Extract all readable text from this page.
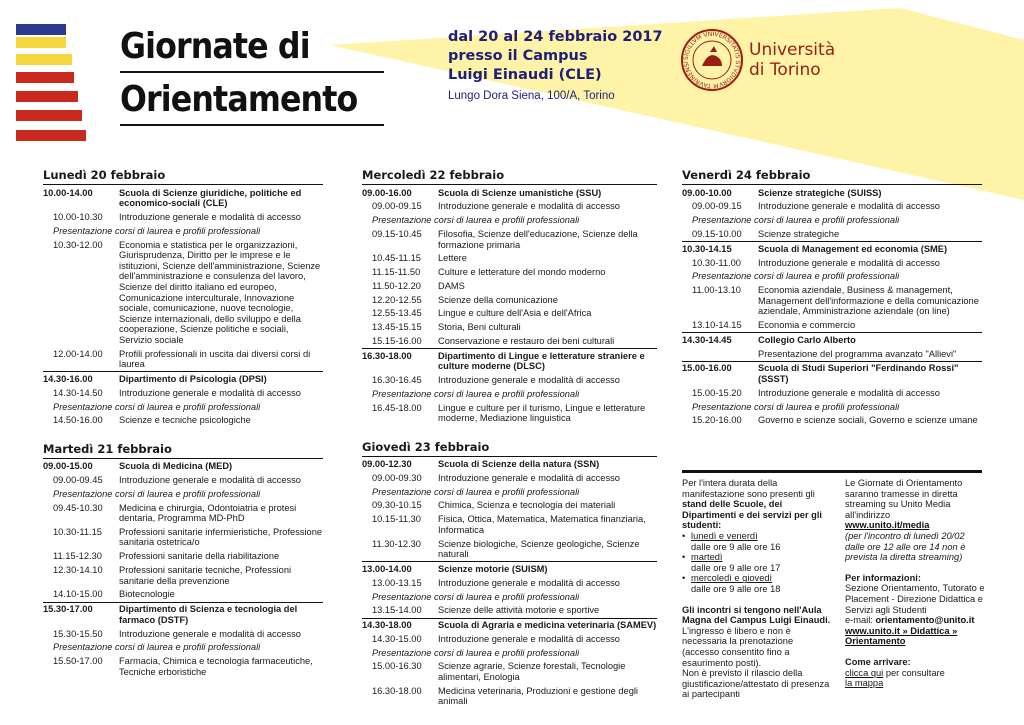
Giornate di
Orientamento
dal 20 al 24 febbraio 2017
presso il Campus
Luigi Einaudi (CLE)
Lungo Dora Siena, 100/A, Torino
SIGILLVM VNIVERSITATIS STVDIORVM TAVRINENSI
Università
di Torino
Lunedì 20 febbraio
10.00-14.00	Scuola di Scienze giuridiche, politiche ed economico-sociali (CLE)
10.00-10.30	Introduzione generale e modalità di accesso
Presentazione corsi di laurea e profili professionali
10.30-12.00	Economia e statistica per le organizzazioni, Giurisprudenza, Diritto per le imprese e le istituzioni, Scienze dell'amministrazione, Scienze dell'amministrazione e consulenza del lavoro, Scienze del diritto italiano ed europeo, Comunicazione interculturale, Innovazione sociale, comunicazione, nuove tecnologie, Scienze internazionali, dello sviluppo e della cooperazione, Scienze politiche e sociali, Servizio sociale
12.00-14.00	Profili professionali in uscita dai diversi corsi di laurea
14.30-16.00	Dipartimento di Psicologia (DPSI)
14.30-14.50	Introduzione generale e modalità di accesso
Presentazione corsi di laurea e profili professionali
14.50-16.00	Scienze e tecniche psicologiche
Martedì 21 febbraio
09.00-15.00	Scuola di Medicina (MED)
09.00-09.45	Introduzione generale e modalità di accesso
Presentazione corsi di laurea e profili professionali
09.45-10.30	Medicina e chirurgia, Odontoiatria e protesi dentaria, Programma MD-PhD
10.30-11.15	Professioni sanitarie infermieristiche, Professione sanitaria ostetrica/o
11.15-12.30	Professioni sanitarie della riabilitazione
12.30-14.10	Professioni sanitarie tecniche, Professioni sanitarie della prevenzione
14.10-15.00	Biotecnologie
15.30-17.00	Dipartimento di Scienza e tecnologia del farmaco (DSTF)
15.30-15.50	Introduzione generale e modalità di accesso
Presentazione corsi di laurea e profili professionali
15.50-17.00	Farmacia, Chimica e tecnologia farmaceutiche, Tecniche erboristiche
Mercoledì 22 febbraio
09.00-16.00	Scuola di Scienze umanistiche (SSU)
09.00-09.15	Introduzione generale e modalità di accesso
Presentazione corsi di laurea e profili professionali
09.15-10.45	Filosofia, Scienze dell'educazione, Scienze della formazione primaria
10.45-11.15	Lettere
11.15-11.50	Culture e letterature del mondo moderno
11.50-12.20	DAMS
12.20-12.55	Scienze della comunicazione
12.55-13.45	Lingue e culture dell'Asia e dell'Africa
13.45-15.15	Storia, Beni culturali
15.15-16.00	Conservazione e restauro dei beni culturali
16.30-18.00	Dipartimento di Lingue e letterature straniere e culture moderne (DLSC)
16.30-16.45	Introduzione generale e modalità di accesso
Presentazione corsi di laurea e profili professionali
16.45-18.00	Lingue e culture per il turismo, Lingue e letterature moderne, Mediazione linguistica
Giovedì 23 febbraio
09.00-12.30	Scuola di Scienze della natura (SSN)
09.00-09.30	Introduzione generale e modalità di accesso
Presentazione corsi di laurea e profili professionali
09.30-10.15	Chimica, Scienza e tecnologia dei materiali
10.15-11.30	Fisica, Ottica, Matematica, Matematica finanziaria, Informatica
11.30-12.30	Scienze biologiche, Scienze geologiche, Scienze naturali
13.00-14.00	Scienze motorie (SUISM)
13.00-13.15	Introduzione generale e modalità di accesso
Presentazione corsi di laurea e profili professionali
13.15-14.00	Scienze delle attività motorie e sportive
14.30-18.00	Scuola di Agraria e medicina veterinaria (SAMEV)
14.30-15.00	Introduzione generale e modalità di accesso
Presentazione corsi di laurea e profili professionali
15.00-16.30	Scienze agrarie, Scienze forestali, Tecnologie alimentari, Enologia
16.30-18.00	Medicina veterinaria, Produzioni e gestione degli animali
Venerdì 24 febbraio
09.00-10.00	Scienze strategiche (SUISS)
09.00-09.15	Introduzione generale e modalità di accesso
Presentazione corsi di laurea e profili professionali
09.15-10.00	Scienze strategiche
10.30-14.15	Scuola di Management ed economia (SME)
10.30-11.00	Introduzione generale e modalità di accesso
Presentazione corsi di laurea e profili professionali
11.00-13.10	Economia aziendale, Business & management, Management dell'informazione e della comunicazione aziendale, Amministrazione aziendale (on line)
13.10-14.15	Economia e commercio
14.30-14.45	Collegio Carlo Alberto
Presentazione del programma avanzato "Allievi"
15.00-16.00	Scuola di Studi Superiori "Ferdinando Rossi" (SSST)
15.00-15.20	Introduzione generale e modalità di accesso
Presentazione corsi di laurea e profili professionali
15.20-16.00	Governo e scienze sociali, Governo e scienze umane
Per l'intera durata della manifestazione sono presenti gli stand delle Scuole, dei Dipartimenti e dei servizi per gli studenti:
• lunedì e venerdì
dalle ore 9 alle ore 16
• martedì
dalle ore 9 alle ore 17
• mercoledì e giovedì
dalle ore 9 alle ore 18
Gli incontri si tengono nell'Aula Magna del Campus Luigi Einaudi.
L'ingresso è libero e non è necessaria la prenotazione (accesso consentito fino a esaurimento posti).
Non è previsto il rilascio della giustificazione/attestato di presenza ai partecipanti
Le Giornate di Orientamento saranno tramesse in diretta streaming su Unito Media all'indirizzo
www.unito.it/media
(per l'incontro di lunedì 20/02 dalle ore 12 alle ore 14 non è prevista la diretta streaming)
Per informazioni:
Sezione Orientamento, Tutorato e Placement - Direzione Didattica e Servizi agli Studenti
e-mail: orientamento@unito.it
www.unito.it » Didattica » Orientamento
Come arrivare:
clicca qui per consultare
la mappa
